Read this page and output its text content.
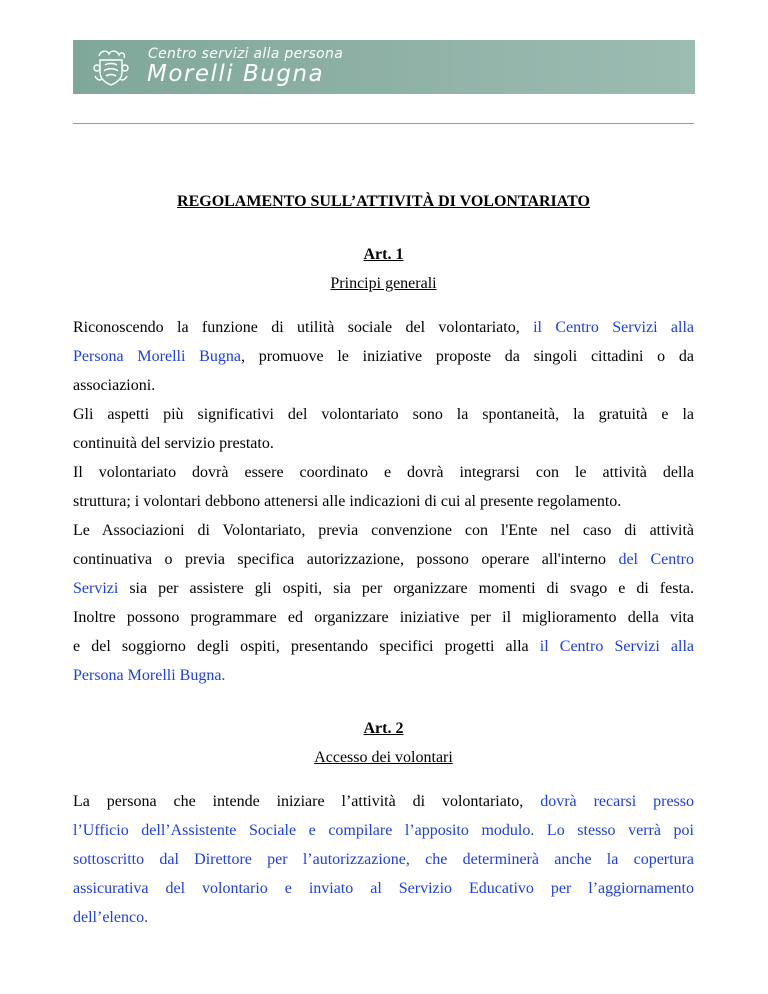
Centro servizi alla persona
Morelli Bugna
REGOLAMENTO SULL’ATTIVITÀ DI VOLONTARIATO
Art. 1
Principi generali
Riconoscendo la funzione di utilità sociale del volontariato, il Centro Servizi alla
Persona Morelli Bugna, promuove le iniziative proposte da singoli cittadini o da
associazioni.
Gli aspetti più significativi del volontariato sono la spontaneità, la gratuità e la
continuità del servizio prestato.
Il volontariato dovrà essere coordinato e dovrà integrarsi con le attività della
struttura; i volontari debbono attenersi alle indicazioni di cui al presente regolamento.
Le Associazioni di Volontariato, previa convenzione con l'Ente nel caso di attività
continuativa o previa specifica autorizzazione, possono operare all'interno del Centro
Servizi sia per assistere gli ospiti, sia per organizzare momenti di svago e di festa.
Inoltre possono programmare ed organizzare iniziative per il miglioramento della vita
e del soggiorno degli ospiti, presentando specifici progetti alla il Centro Servizi alla
Persona Morelli Bugna.
Art. 2
Accesso dei volontari
La persona che intende iniziare l’attività di volontariato, dovrà recarsi presso
l’Ufficio dell’Assistente Sociale e compilare l’apposito modulo. Lo stesso verrà poi
sottoscritto dal Direttore per l’autorizzazione, che determinerà anche la copertura
assicurativa del volontario e inviato al Servizio Educativo per l’aggiornamento
dell’elenco.
